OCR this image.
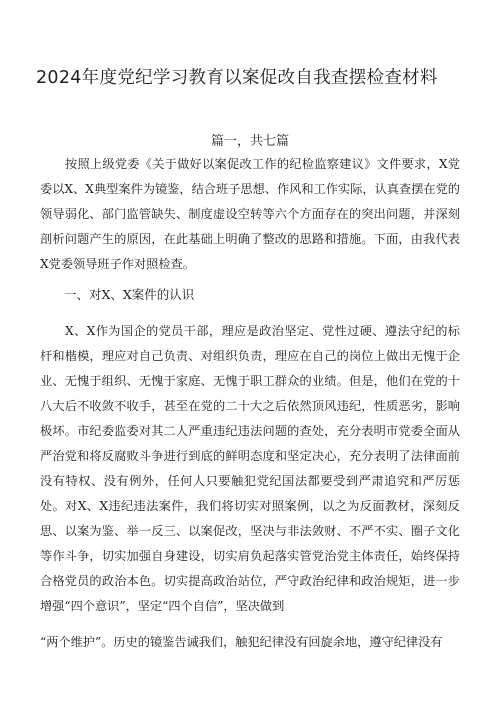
2024年度党纪学习教育以案促改自我查摆检查材料
篇一，共七篇
按照上级党委《关于做好以案促改工作的纪检监察建议》文件要求，X党委以X、X典型案件为镜鉴，结合班子思想、作风和工作实际，认真查摆在党的领导弱化、部门监管缺失、制度虚设空转等六个方面存在的突出问题，并深刻剖析问题产生的原因，在此基础上明确了整改的思路和措施。下面，由我代表X党委领导班子作对照检查。
一、对X、X案件的认识
X、X作为国企的党员干部，理应是政治坚定、党性过硬、遵法守纪的标杆和楷模，理应对自己负责、对组织负责，理应在自己的岗位上做出无愧于企业、无愧于组织、无愧于家庭、无愧于职工群众的业绩。但是，他们在党的十八大后不收敛不收手，甚至在党的二十大之后依然顶风违纪，性质恶劣，影响极坏。市纪委监委对其二人严重违纪违法问题的查处，充分表明市党委全面从严治党和将反腐败斗争进行到底的鲜明态度和坚定决心，充分表明了法律面前没有特权、没有例外，任何人只要触犯党纪国法都要受到严肃追究和严厉惩处。对X、X违纪违法案件，我们将切实对照案例，以之为反面教材，深刻反思、以案为鉴、举一反三、以案促改，坚决与非法敛财、不严不实、圈子文化等作斗争，切实加强自身建设，切实肩负起落实管党治党主体责任，始终保持合格党员的政治本色。切实提高政治站位，严守政治纪律和政治规矩，进一步增强“四个意识”，坚定“四个自信”，坚决做到
“两个维护”。历史的镜鉴告诫我们，触犯纪律没有回旋余地，遵守纪律没有
